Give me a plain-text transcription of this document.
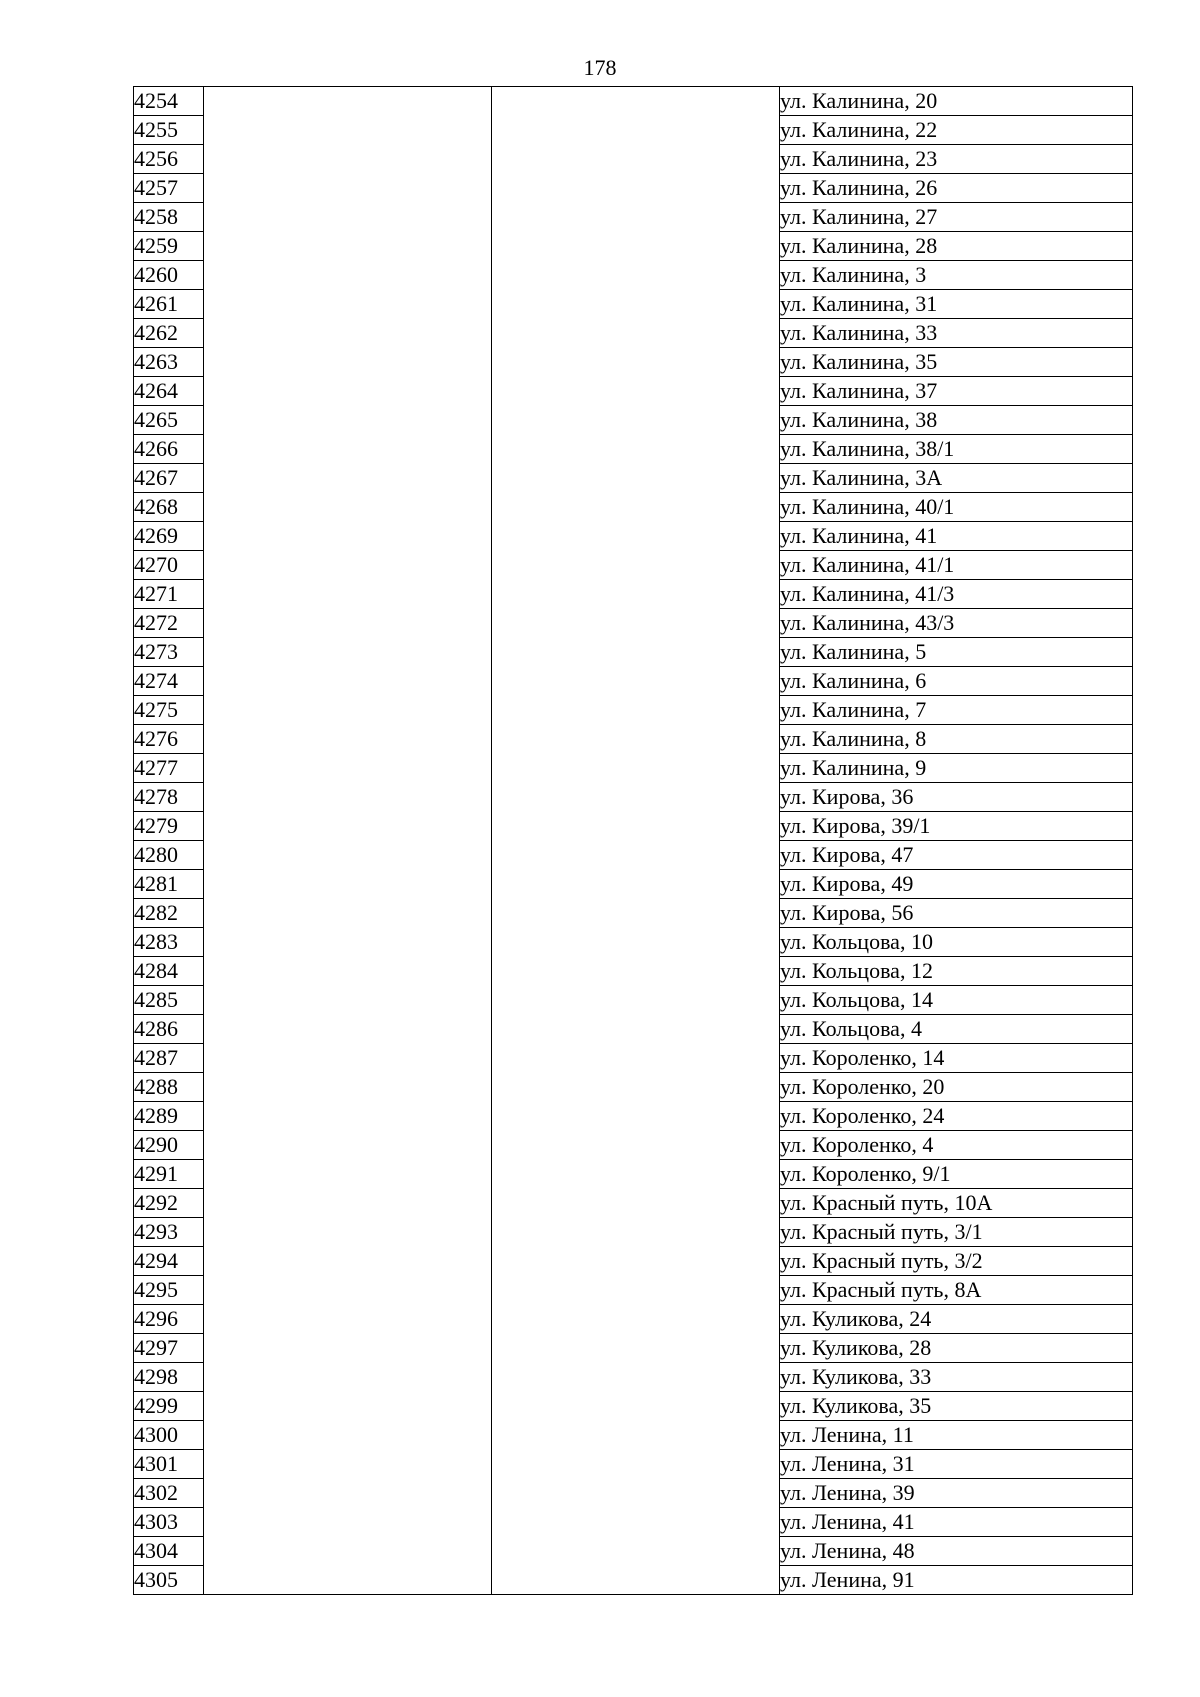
178
4254			ул. Калинина, 20
4255			ул. Калинина, 22
4256			ул. Калинина, 23
4257			ул. Калинина, 26
4258			ул. Калинина, 27
4259			ул. Калинина, 28
4260			ул. Калинина, 3
4261			ул. Калинина, 31
4262			ул. Калинина, 33
4263			ул. Калинина, 35
4264			ул. Калинина, 37
4265			ул. Калинина, 38
4266			ул. Калинина, 38/1
4267			ул. Калинина, 3А
4268			ул. Калинина, 40/1
4269			ул. Калинина, 41
4270			ул. Калинина, 41/1
4271			ул. Калинина, 41/3
4272			ул. Калинина, 43/3
4273			ул. Калинина, 5
4274			ул. Калинина, 6
4275			ул. Калинина, 7
4276			ул. Калинина, 8
4277			ул. Калинина, 9
4278			ул. Кирова, 36
4279			ул. Кирова, 39/1
4280			ул. Кирова, 47
4281			ул. Кирова, 49
4282			ул. Кирова, 56
4283			ул. Кольцова, 10
4284			ул. Кольцова, 12
4285			ул. Кольцова, 14
4286			ул. Кольцова, 4
4287			ул. Короленко, 14
4288			ул. Короленко, 20
4289			ул. Короленко, 24
4290			ул. Короленко, 4
4291			ул. Короленко, 9/1
4292			ул. Красный путь, 10А
4293			ул. Красный путь, 3/1
4294			ул. Красный путь, 3/2
4295			ул. Красный путь, 8А
4296			ул. Куликова, 24
4297			ул. Куликова, 28
4298			ул. Куликова, 33
4299			ул. Куликова, 35
4300			ул. Ленина, 11
4301			ул. Ленина, 31
4302			ул. Ленина, 39
4303			ул. Ленина, 41
4304			ул. Ленина, 48
4305			ул. Ленина, 91
